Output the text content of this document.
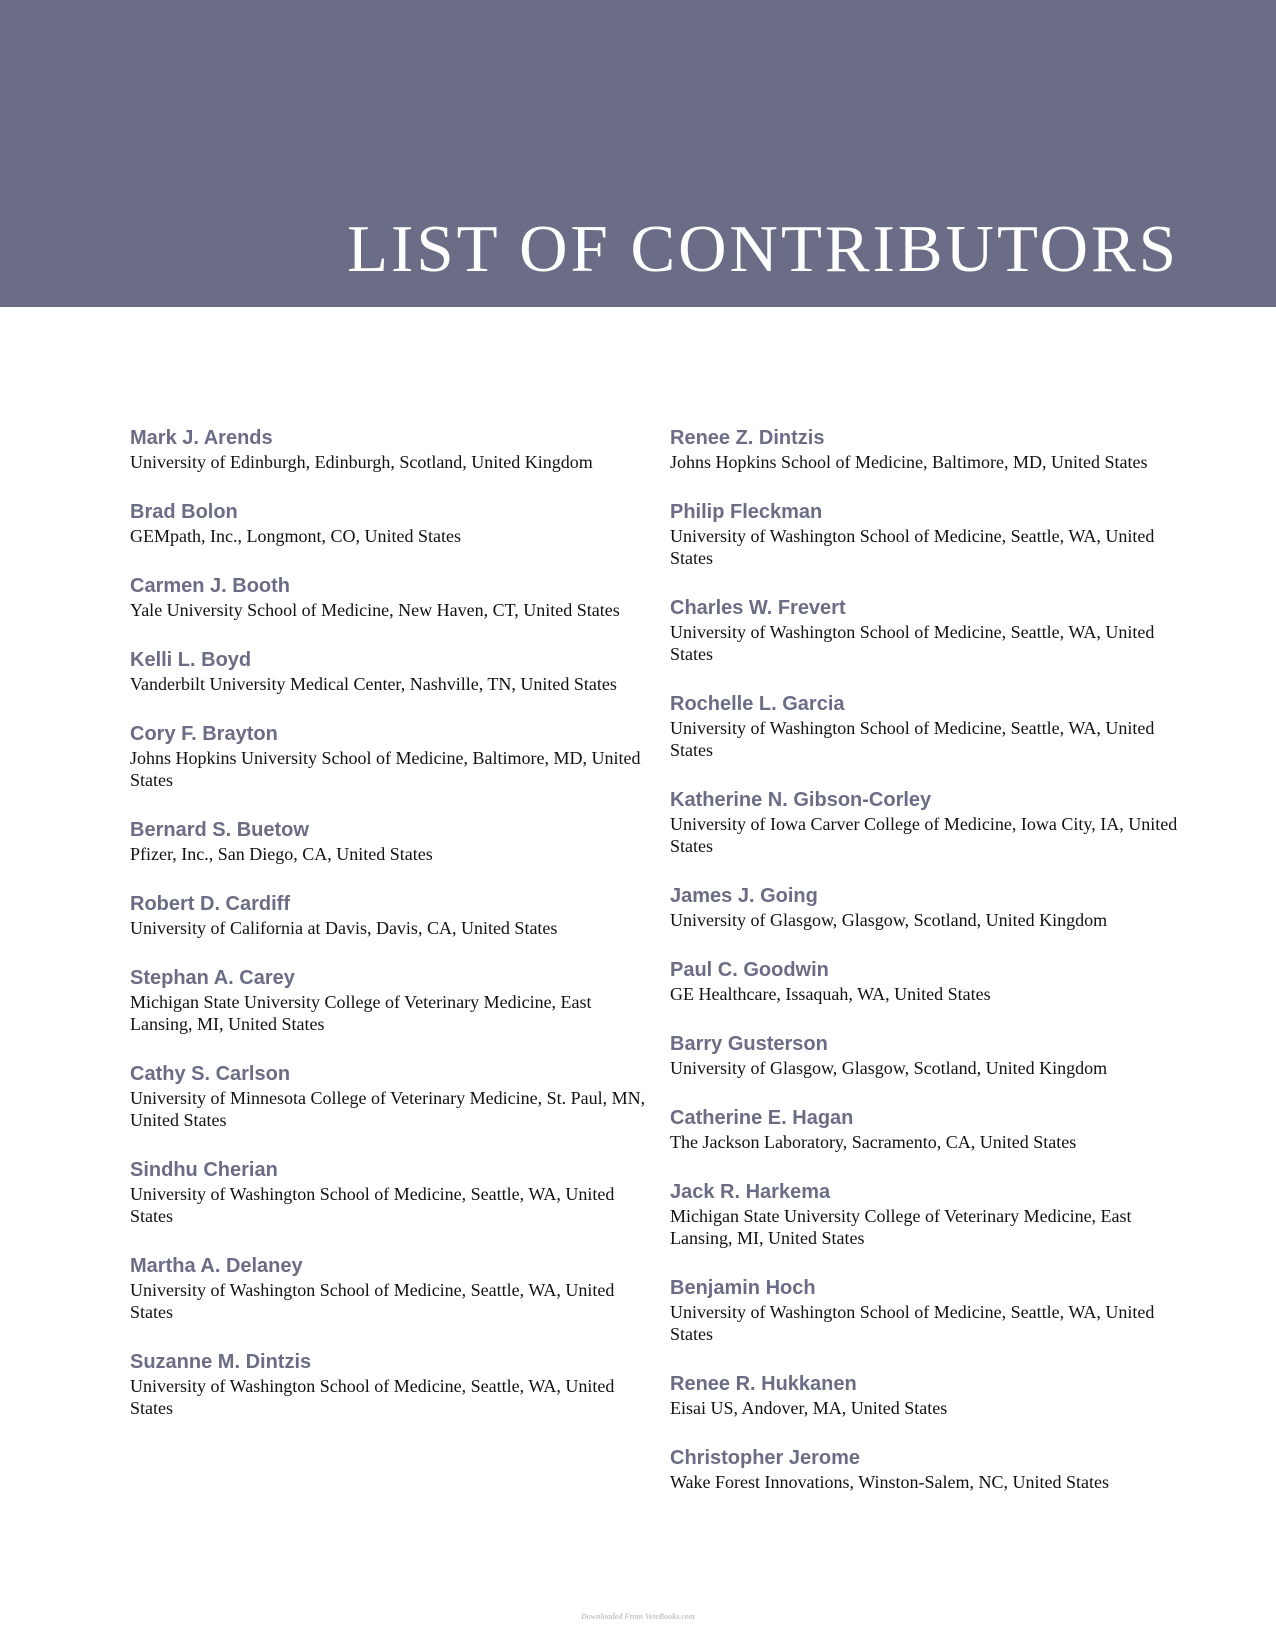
LIST OF CONTRIBUTORS
Mark J. Arends
University of Edinburgh, Edinburgh, Scotland, United Kingdom
Brad Bolon
GEMpath, Inc., Longmont, CO, United States
Carmen J. Booth
Yale University School of Medicine, New Haven, CT, United States
Kelli L. Boyd
Vanderbilt University Medical Center, Nashville, TN, United States
Cory F. Brayton
Johns Hopkins University School of Medicine, Baltimore, MD, United States
Bernard S. Buetow
Pfizer, Inc., San Diego, CA, United States
Robert D. Cardiff
University of California at Davis, Davis, CA, United States
Stephan A. Carey
Michigan State University College of Veterinary Medicine, East Lansing, MI, United States
Cathy S. Carlson
University of Minnesota College of Veterinary Medicine, St. Paul, MN, United States
Sindhu Cherian
University of Washington School of Medicine, Seattle, WA, United States
Martha A. Delaney
University of Washington School of Medicine, Seattle, WA, United States
Suzanne M. Dintzis
University of Washington School of Medicine, Seattle, WA, United States
Renee Z. Dintzis
Johns Hopkins School of Medicine, Baltimore, MD, United States
Philip Fleckman
University of Washington School of Medicine, Seattle, WA, United States
Charles W. Frevert
University of Washington School of Medicine, Seattle, WA, United States
Rochelle L. Garcia
University of Washington School of Medicine, Seattle, WA, United States
Katherine N. Gibson-Corley
University of Iowa Carver College of Medicine, Iowa City, IA, United States
James J. Going
University of Glasgow, Glasgow, Scotland, United Kingdom
Paul C. Goodwin
GE Healthcare, Issaquah, WA, United States
Barry Gusterson
University of Glasgow, Glasgow, Scotland, United Kingdom
Catherine E. Hagan
The Jackson Laboratory, Sacramento, CA, United States
Jack R. Harkema
Michigan State University College of Veterinary Medicine, East Lansing, MI, United States
Benjamin Hoch
University of Washington School of Medicine, Seattle, WA, United States
Renee R. Hukkanen
Eisai US, Andover, MA, United States
Christopher Jerome
Wake Forest Innovations, Winston-Salem, NC, United States
Downloaded From VetеBooks.com
